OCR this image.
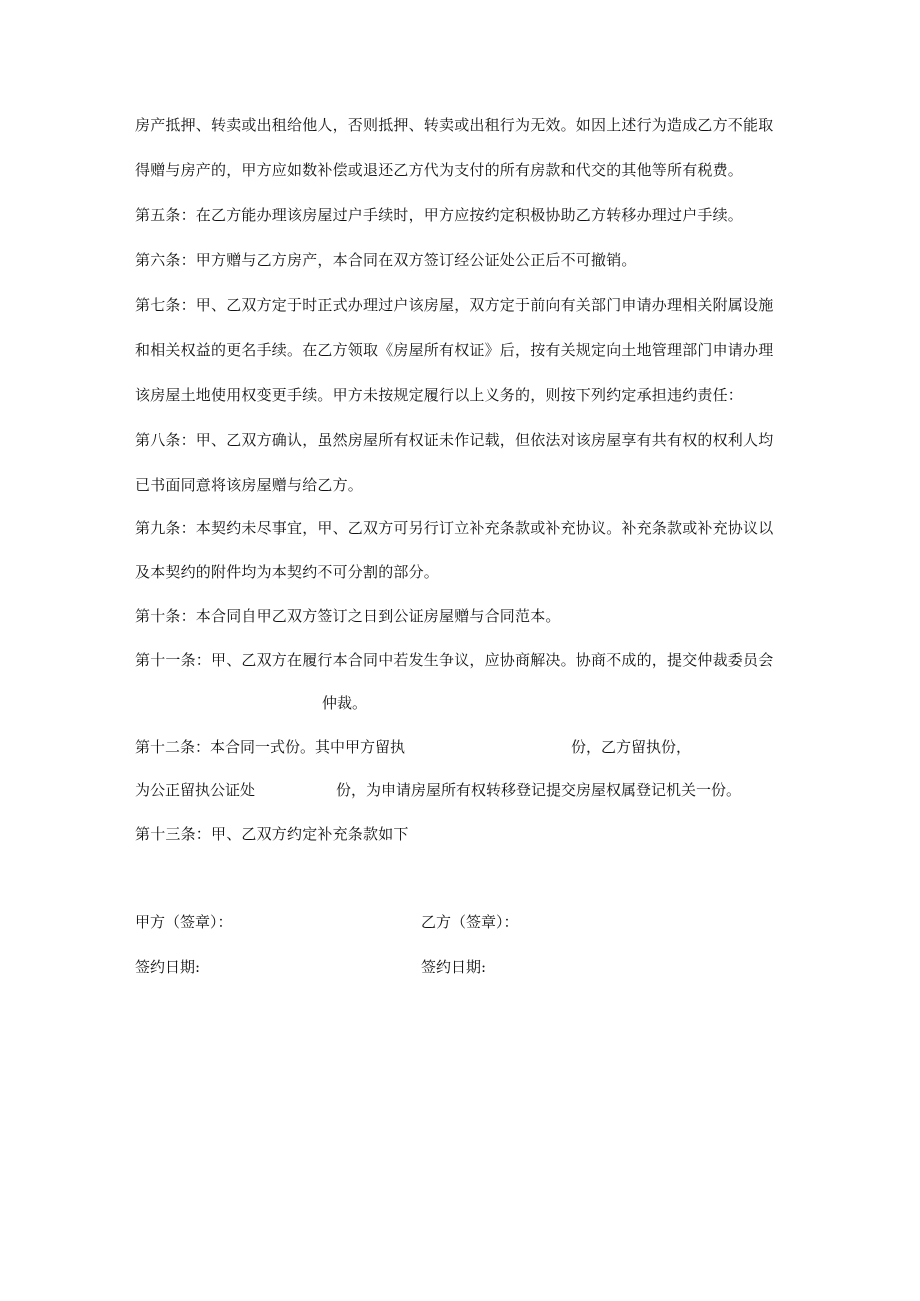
房产抵押、转卖或出租给他人，否则抵押、转卖或出租行为无效。如因上述行为造成乙方不能取
得赠与房产的，甲方应如数补偿或退还乙方代为支付的所有房款和代交的其他等所有税费。
第五条：在乙方能办理该房屋过户手续时，甲方应按约定积极协助乙方转移办理过户手续。
第六条：甲方赠与乙方房产，本合同在双方签订经公证处公正后不可撤销。
第七条：甲、乙双方定于时正式办理过户该房屋，双方定于前向有关部门申请办理相关附属设施
和相关权益的更名手续。在乙方领取《房屋所有权证》后，按有关规定向土地管理部门申请办理
该房屋土地使用权变更手续。甲方未按规定履行以上义务的，则按下列约定承担违约责任：
第八条：甲、乙双方确认，虽然房屋所有权证未作记载，但依法对该房屋享有共有权的权利人均
已书面同意将该房屋赠与给乙方。
第九条：本契约未尽事宜，甲、乙双方可另行订立补充条款或补充协议。补充条款或补充协议以
及本契约的附件均为本契约不可分割的部分。
第十条：本合同自甲乙双方签订之日到公证房屋赠与合同范本。
第十一条：甲、乙双方在履行本合同中若发生争议，应协商解决。协商不成的，提交仲裁委员会
仲裁。
第十二条：本合同一式份。其中甲方留执	份，乙方留执份，
为公正留执公证处	份，为申请房屋所有权转移登记提交房屋权属登记机关一份。
第十三条：甲、乙双方约定补充条款如下
甲方（签章）：	乙方（签章）：
签约日期:	签约日期:
